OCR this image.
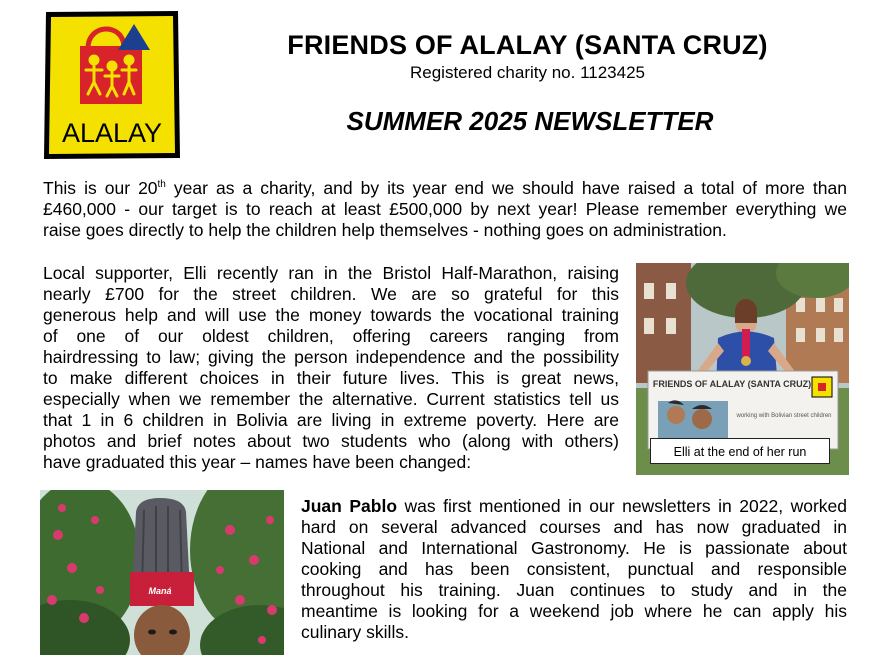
ALALAY
FRIENDS OF ALALAY (SANTA CRUZ)
Registered charity no. 1123425
SUMMER 2025 NEWSLETTER
This is our 20th year as a charity, and by its year end we should have raised a total of more than
£460,000 - our target is to reach at least £500,000 by next year! Please remember everything we
raise goes directly to help the children help themselves - nothing goes on administration.
Local supporter, Elli recently ran in the Bristol Half-Marathon, raising
nearly £700 for the street children. We are so grateful for this
generous help and will use the money towards the vocational training
of one of our oldest children, offering careers ranging from
hairdressing to law; giving the person independence and the possibility
to make different choices in their future lives. This is great news,
especially when we remember the alternative. Current statistics tell us
that 1 in 6 children in Bolivia are living in extreme poverty. Here are
photos and brief notes about two students who (along with others)
have graduated this year – names have been changed:
FRIENDS OF ALALAY (SANTA CRUZ)
working with Bolivian street children
Elli at the end of her run
Maná
Juan Pablo was first mentioned in our newsletters in 2022, worked
hard on several advanced courses and has now graduated in
National and International Gastronomy. He is passionate about
cooking and has been consistent, punctual and responsible
throughout his training. Juan continues to study and in the
meantime is looking for a weekend job where he can apply his
culinary skills.
